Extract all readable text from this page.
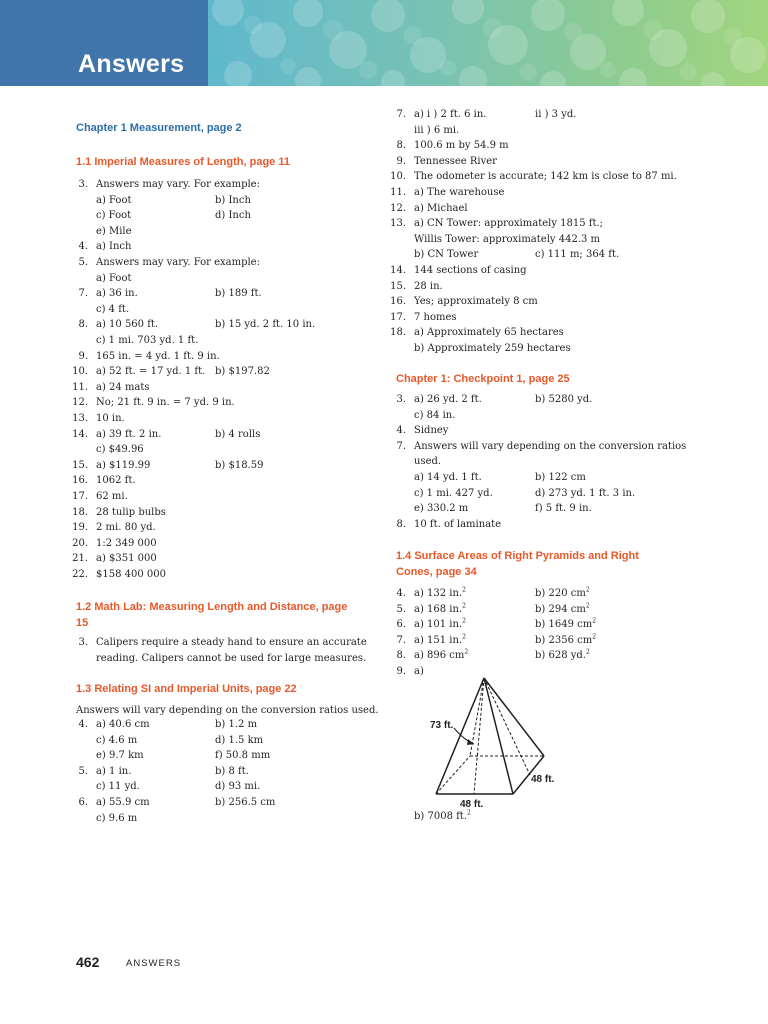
Answers
Chapter 1 Measurement, page 2
1.1 Imperial Measures of Length, page 11
3. Answers may vary. For example:
a) Foot	b) Inch
c) Foot	d) Inch
e) Mile
4. a) Inch
5. Answers may vary. For example:
a) Foot
7. a) 36 in.	b) 189 ft.
c) 4 ft.
8. a) 10 560 ft.	b) 15 yd. 2 ft. 10 in.
c) 1 mi. 703 yd. 1 ft.
9. 165 in. = 4 yd. 1 ft. 9 in.
10. a) 52 ft. = 17 yd. 1 ft. b) $197.82
11. a) 24 mats
12. No; 21 ft. 9 in. = 7 yd. 9 in.
13. 10 in.
14. a) 39 ft. 2 in.	b) 4 rolls
c) $49.96
15. a) $119.99	b) $18.59
16. 1062 ft.
17. 62 mi.
18. 28 tulip bulbs
19. 2 mi. 80 yd.
20. 1:2 349 000
21. a) $351 000
22. $158 400 000
1.2 Math Lab: Measuring Length and Distance, page
15
3. Calipers require a steady hand to ensure an accurate
reading. Calipers cannot be used for large measures.
1.3 Relating SI and Imperial Units, page 22
Answers will vary depending on the conversion ratios used.
4. a) 40.6 cm	b) 1.2 m
c) 4.6 m	d) 1.5 km
e) 9.7 km	f) 50.8 mm
5. a) 1 in.	b) 8 ft.
c) 11 yd.	d) 93 mi.
6. a) 55.9 cm	b) 256.5 cm
c) 9.6 m
7. a) i ) 2 ft. 6 in.	ii ) 3 yd.
iii ) 6 mi.
8. 100.6 m by 54.9 m
9. Tennessee River
10. The odometer is accurate; 142 km is close to 87 mi.
11. a) The warehouse
12. a) Michael
13. a) CN Tower: approximately 1815 ft.;
Willis Tower: approximately 442.3 m
b) CN Tower	c) 111 m; 364 ft.
14. 144 sections of casing
15. 28 in.
16. Yes; approximately 8 cm
17. 7 homes
18. a) Approximately 65 hectares
b) Approximately 259 hectares
Chapter 1: Checkpoint 1, page 25
3. a) 26 yd. 2 ft.	b) 5280 yd.
c) 84 in.
4. Sidney
7. Answers will vary depending on the conversion ratios
used.
a) 14 yd. 1 ft.	b) 122 cm
c) 1 mi. 427 yd.	d) 273 yd. 1 ft. 3 in.
e) 330.2 m	f) 5 ft. 9 in.
8. 10 ft. of laminate
1.4 Surface Areas of Right Pyramids and Right
Cones, page 34
4. a) 132 in.$^2$	b) 220 $cm^2$
5. a) 168 in.$^2$	b) 294 $cm^2$
6. a) 101 in.$^2$	b) 1649 $cm^2$
7. a) 151 in.$^2$	b) 2356 $cm^2$
8. a) 896 $cm^2$	b) 628 yd.$^2$
9. a)
73 ft.
48 ft.
48 ft.
b) 7008 ft.$^2$
462	ANSWERS
